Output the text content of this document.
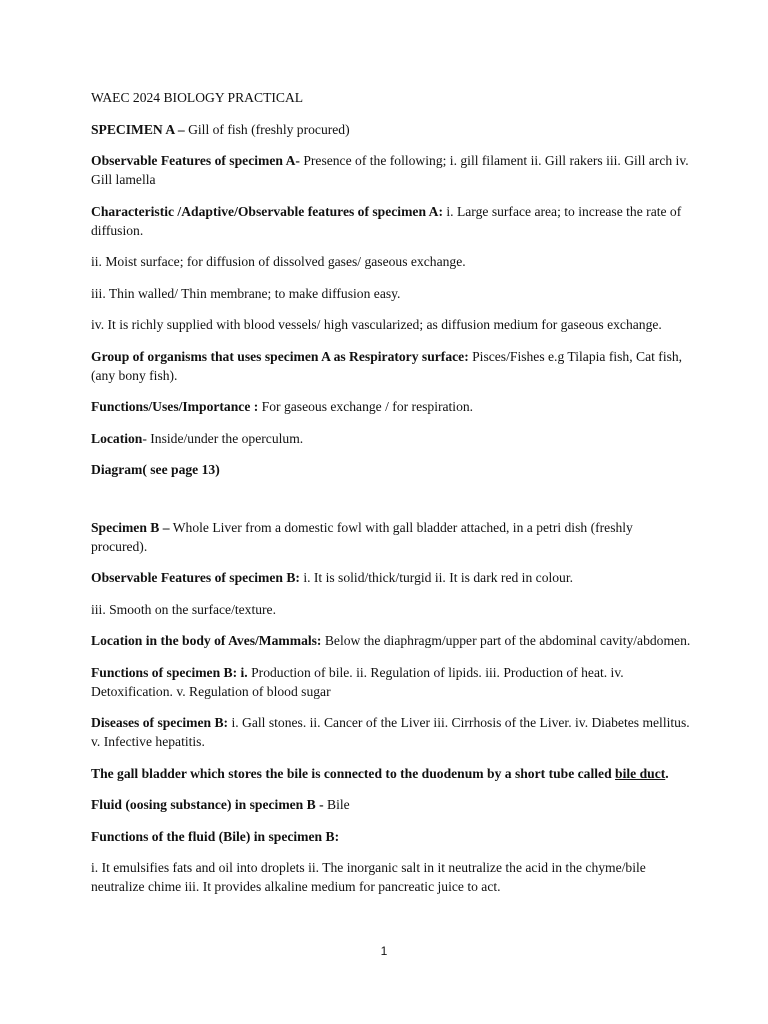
WAEC 2024 BIOLOGY PRACTICAL

SPECIMEN A – Gill of fish (freshly procured)

Observable Features of specimen A- Presence of the following; i. gill filament ii. Gill rakers iii. Gill arch iv. Gill lamella

Characteristic /Adaptive/Observable features of specimen A: i. Large surface area; to increase the rate of diffusion.

ii. Moist surface; for diffusion of dissolved gases/ gaseous exchange.

iii. Thin walled/ Thin membrane; to make diffusion easy.

iv. It is richly supplied with blood vessels/ high vascularized; as diffusion medium for gaseous exchange.

Group of organisms that uses specimen A as Respiratory surface: Pisces/Fishes e.g Tilapia fish, Cat fish, (any bony fish).

Functions/Uses/Importance : For gaseous exchange / for respiration.

Location- Inside/under the operculum.

Diagram( see page 13)

Specimen B – Whole Liver from a domestic fowl with gall bladder attached, in a petri dish (freshly procured).

Observable Features of specimen B: i. It is solid/thick/turgid ii. It is dark red in colour.

iii. Smooth on the surface/texture.

Location in the body of Aves/Mammals: Below the diaphragm/upper part of the abdominal cavity/abdomen.

Functions of specimen B: i. Production of bile. ii. Regulation of lipids. iii. Production of heat. iv. Detoxification. v. Regulation of blood sugar

Diseases of specimen B: i. Gall stones. ii. Cancer of the Liver iii. Cirrhosis of the Liver. iv. Diabetes mellitus. v. Infective hepatitis.

The gall bladder which stores the bile is connected to the duodenum by a short tube called bile duct.

Fluid (oosing substance) in specimen B - Bile

Functions of the fluid (Bile) in specimen B:

i. It emulsifies fats and oil into droplets ii. The inorganic salt in it neutralize the acid in the chyme/bile neutralize chime iii. It provides alkaline medium for pancreatic juice to act.

1
